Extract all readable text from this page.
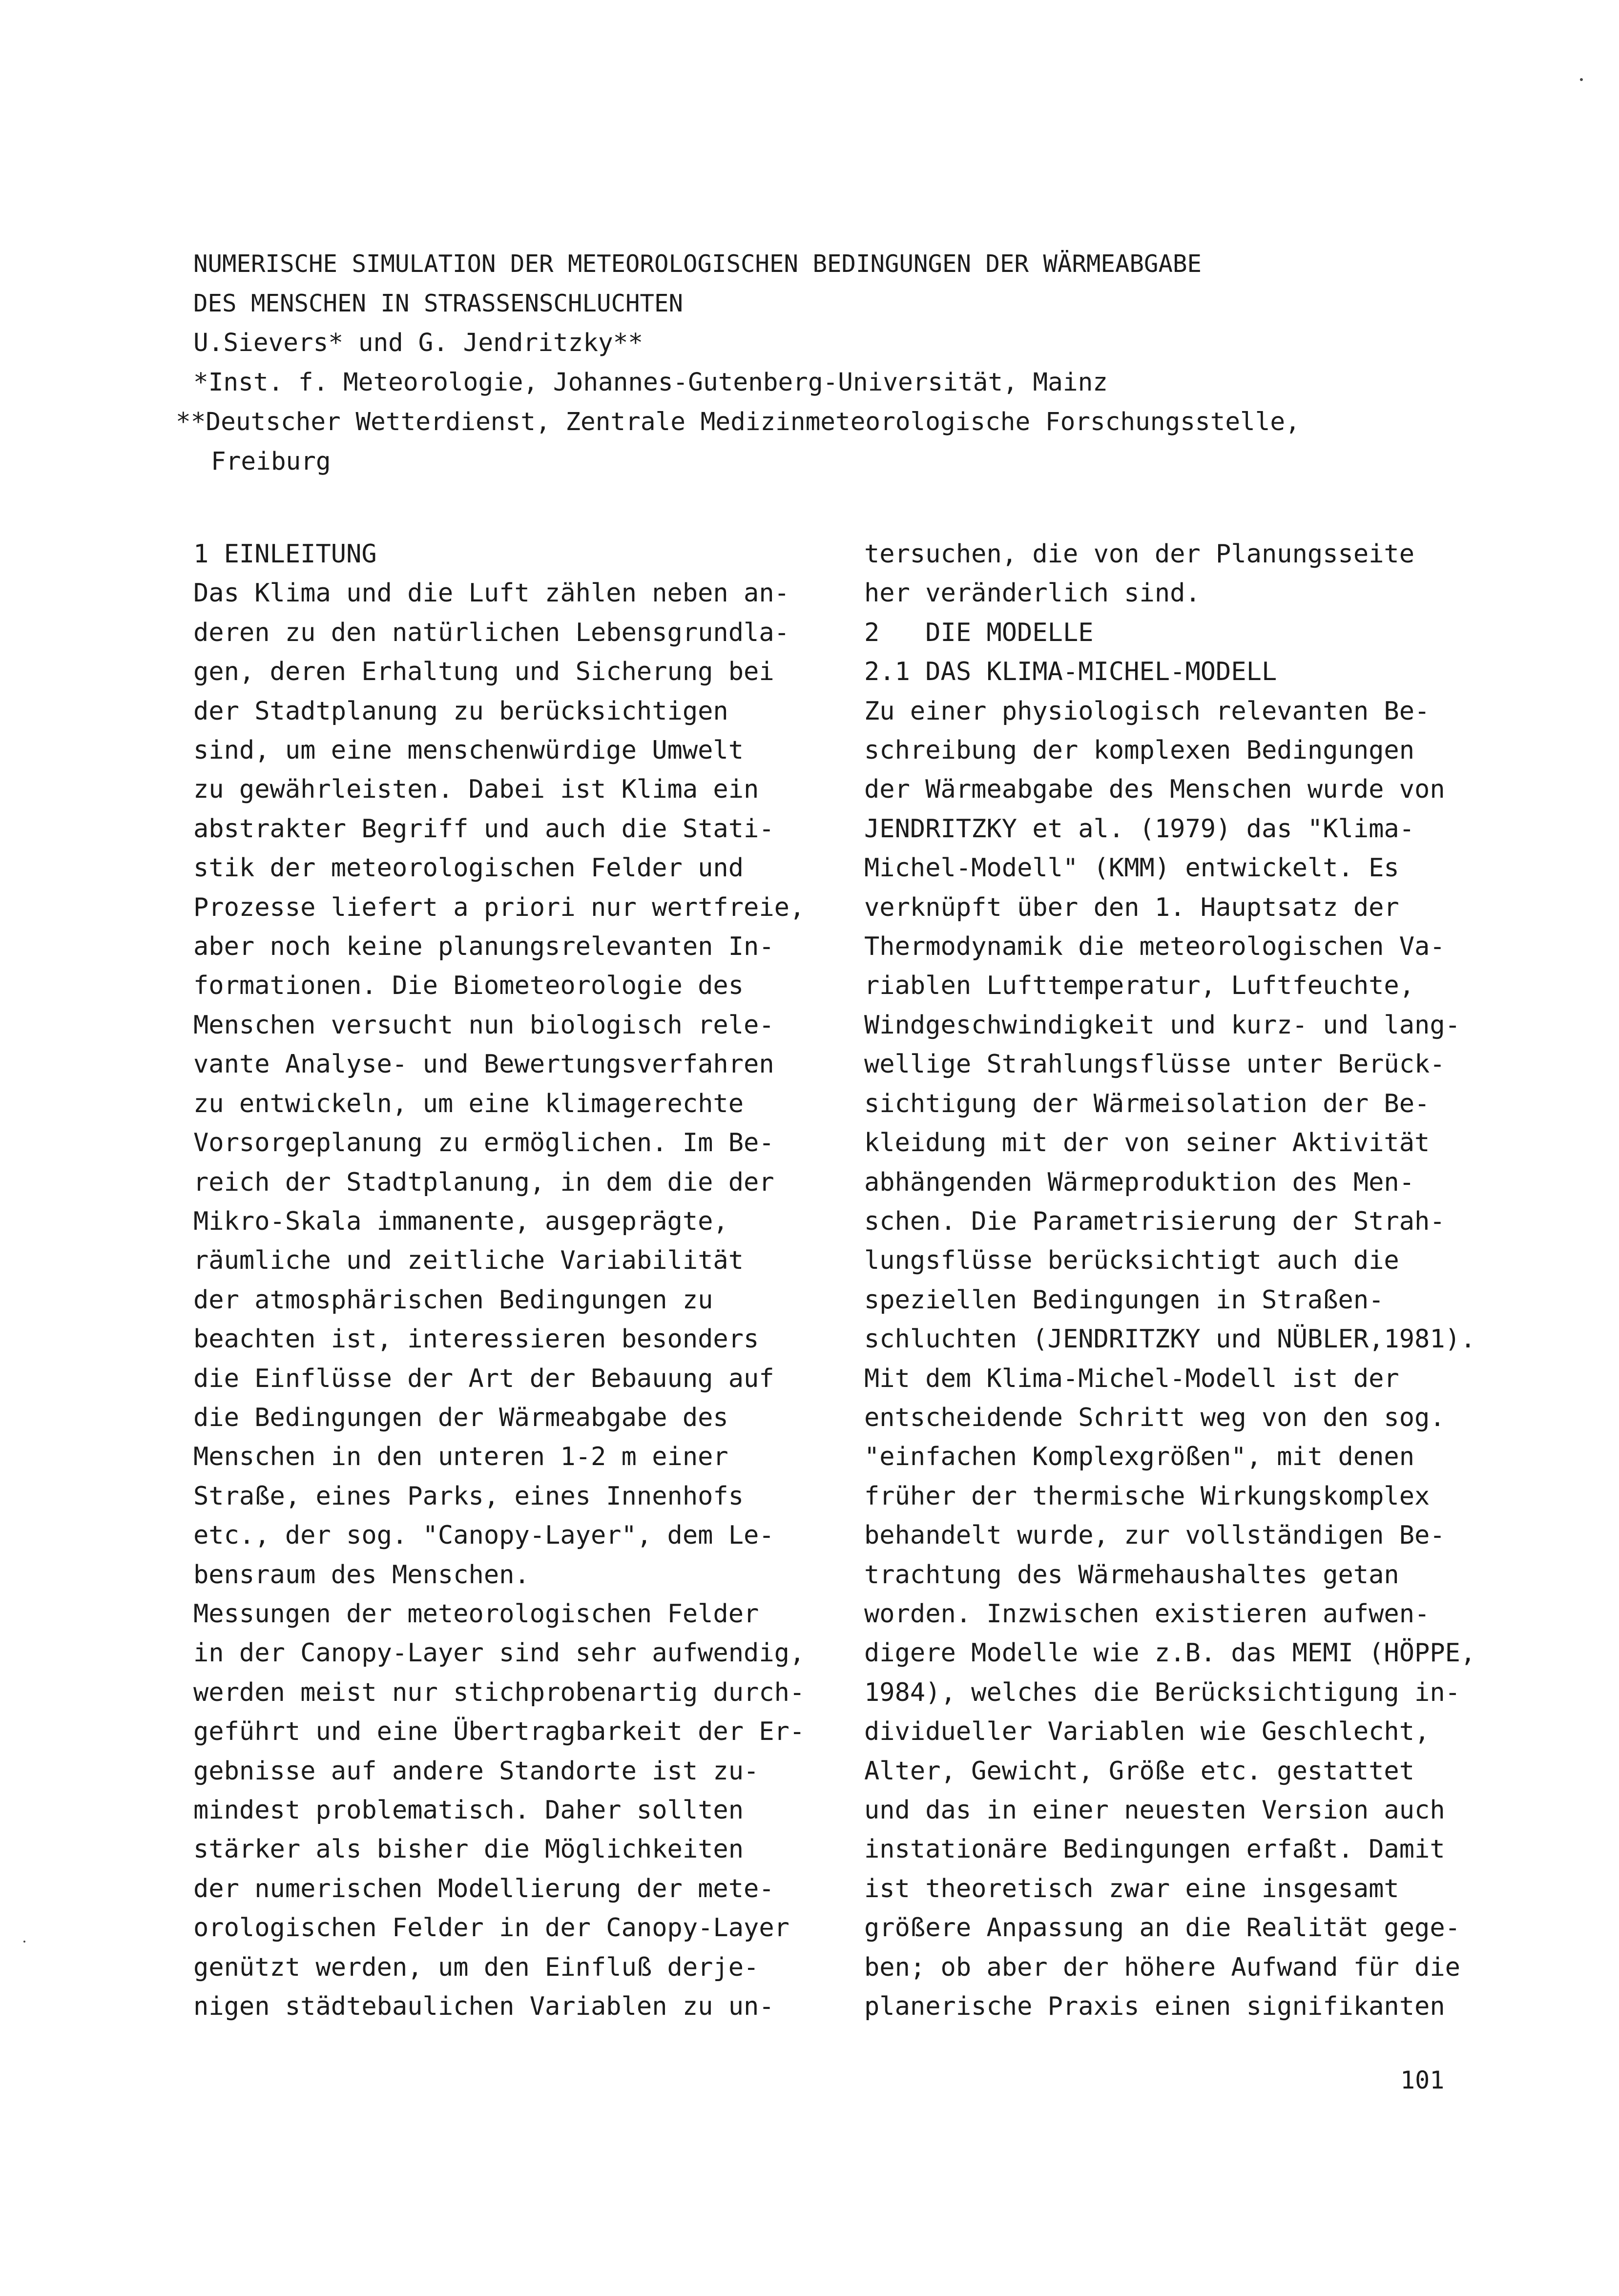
NUMERISCHE SIMULATION DER METEOROLOGISCHEN BEDINGUNGEN DER WÄRMEABGABE
DES MENSCHEN IN STRASSENSCHLUCHTEN
U.Sievers* und G. Jendritzky**
*Inst. f. Meteorologie, Johannes-Gutenberg-Universität, Mainz
**Deutscher Wetterdienst, Zentrale Medizinmeteorologische Forschungsstelle,
Freiburg
1 EINLEITUNG
Das Klima und die Luft zählen neben an-
deren zu den natürlichen Lebensgrundla-
gen, deren Erhaltung und Sicherung bei
der Stadtplanung zu berücksichtigen
sind, um eine menschenwürdige Umwelt
zu gewährleisten. Dabei ist Klima ein
abstrakter Begriff und auch die Stati-
stik der meteorologischen Felder und
Prozesse liefert a priori nur wertfreie,
aber noch keine planungsrelevanten In-
formationen. Die Biometeorologie des
Menschen versucht nun biologisch rele-
vante Analyse- und Bewertungsverfahren
zu entwickeln, um eine klimagerechte
Vorsorgeplanung zu ermöglichen. Im Be-
reich der Stadtplanung, in dem die der
Mikro-Skala immanente, ausgeprägte,
räumliche und zeitliche Variabilität
der atmosphärischen Bedingungen zu
beachten ist, interessieren besonders
die Einflüsse der Art der Bebauung auf
die Bedingungen der Wärmeabgabe des
Menschen in den unteren 1-2 m einer
Straße, eines Parks, eines Innenhofs
etc., der sog. "Canopy-Layer", dem Le-
bensraum des Menschen.
Messungen der meteorologischen Felder
in der Canopy-Layer sind sehr aufwendig,
werden meist nur stichprobenartig durch-
geführt und eine Übertragbarkeit der Er-
gebnisse auf andere Standorte ist zu-
mindest problematisch. Daher sollten
stärker als bisher die Möglichkeiten
der numerischen Modellierung der mete-
orologischen Felder in der Canopy-Layer
genützt werden, um den Einfluß derje-
nigen städtebaulichen Variablen zu un-
tersuchen, die von der Planungsseite
her veränderlich sind.
2   DIE MODELLE
2.1 DAS KLIMA-MICHEL-MODELL
Zu einer physiologisch relevanten Be-
schreibung der komplexen Bedingungen
der Wärmeabgabe des Menschen wurde von
JENDRITZKY et al. (1979) das "Klima-
Michel-Modell" (KMM) entwickelt. Es
verknüpft über den 1. Hauptsatz der
Thermodynamik die meteorologischen Va-
riablen Lufttemperatur, Luftfeuchte,
Windgeschwindigkeit und kurz- und lang-
wellige Strahlungsflüsse unter Berück-
sichtigung der Wärmeisolation der Be-
kleidung mit der von seiner Aktivität
abhängenden Wärmeproduktion des Men-
schen. Die Parametrisierung der Strah-
lungsflüsse berücksichtigt auch die
speziellen Bedingungen in Straßen-
schluchten (JENDRITZKY und NÜBLER,1981).
Mit dem Klima-Michel-Modell ist der
entscheidende Schritt weg von den sog.
"einfachen Komplexgrößen", mit denen
früher der thermische Wirkungskomplex
behandelt wurde, zur vollständigen Be-
trachtung des Wärmehaushaltes getan
worden. Inzwischen existieren aufwen-
digere Modelle wie z.B. das MEMI (HÖPPE,
1984), welches die Berücksichtigung in-
dividueller Variablen wie Geschlecht,
Alter, Gewicht, Größe etc. gestattet
und das in einer neuesten Version auch
instationäre Bedingungen erfaßt. Damit
ist theoretisch zwar eine insgesamt
größere Anpassung an die Realität gege-
ben; ob aber der höhere Aufwand für die
planerische Praxis einen signifikanten
101
